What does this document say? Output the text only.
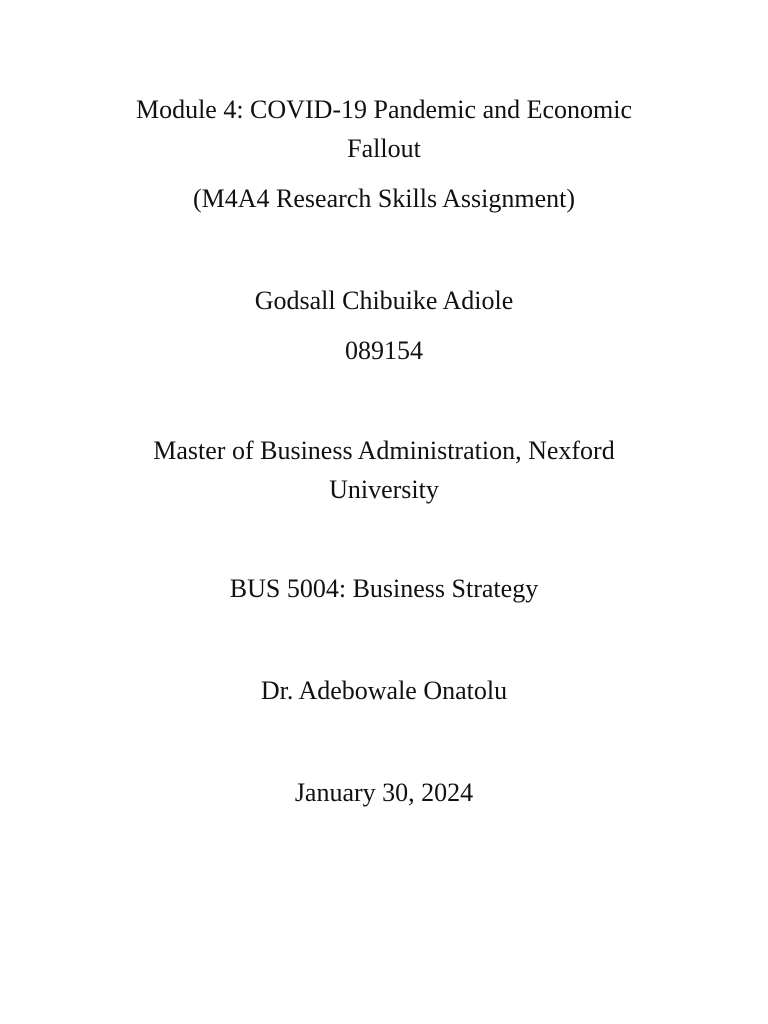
Module 4: COVID-19 Pandemic and Economic
Fallout
(M4A4 Research Skills Assignment)
Godsall Chibuike Adiole
089154
Master of Business Administration, Nexford
University
BUS 5004: Business Strategy
Dr. Adebowale Onatolu
January 30, 2024
